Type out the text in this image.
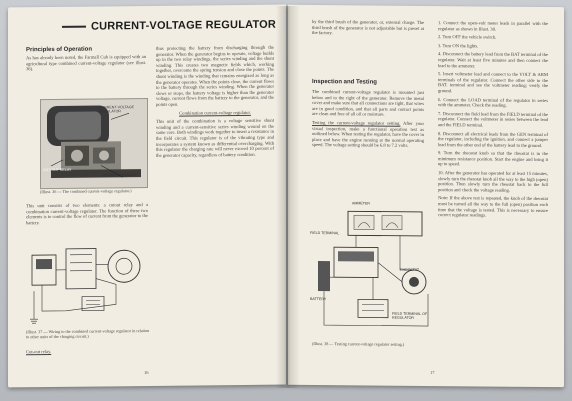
CURRENT-VOLTAGE REGULATOR
Principles of Operation

As has already been noted, the Farmall Cub is equipped with an agricultural type combined current-voltage regulator (see illust. 36).

CURRENT-VOLTAGE REGULATOR
CUT OUT RELAY
BOBBIN WINDINGS
(Illust. 36 — The combined current-voltage regulator.)

This unit consists of two elements: a cutout relay and a combination current-voltage regulator. The function of these two elements is to control the flow of current from the generator to the battery.

(Illust. 37 — Wiring to the combined current-voltage regulator in relation to other units of the charging circuit.)

Cut-out relay.

thus protecting the battery from discharging through the generator. When the generator begins to operate, voltage builds up in the two relay windings, the series winding and the shunt winding. This creates two magnetic fields which, working together, overcome the spring tension and close the points. The shunt winding is the winding that remains energized as long as the generator operates. When the points close, the current flows to the battery through the series winding. When the generator slows or stops, the battery voltage is higher than the generator voltage, current flows from the battery to the generator, and the points open.

Combination current-voltage regulator.

This unit of the combination is a voltage sensitive shunt winding and a current-sensitive series winding wound on the same core. Both windings work together to insert a resistance in the field circuit. This regulator is of the vibrating type and incorporates a system known as differential overcharging. With this regulator the charging rate will never exceed 10 percent of the generator capacity, regardless of battery condition.

16

by the third brush of the generator, or, external charge. The third brush of the generator is not adjustable but is preset at the factory.

Inspection and Testing

The combined current-voltage regulator is mounted just below and to the right of the generator. Remove the metal cover and make sure that all connections are tight, that wires are in good condition, and that all parts and contact points are clean and free of all oil or moisture.

Testing the current-voltage regulator setting. After your visual inspection, make a functional operation test as outlined below. When testing the regulator, have the cover in place and have the engine running at the normal operating speed. The voltage setting should be 6.8 to 7.2 volts.

AMMETER
FIELD TERMINAL
RHEOSTAT
BATTERY
FIELD TERMINAL OF REGULATOR
(Illust. 38 — Testing current-voltage regulator setting.)

1. Connect the open-volt meter leads in parallel with the regulator as shown in Illust. 38.

2. Turn OFF the vehicle switch.

3. Turn ON the lights.

4. Disconnect the battery lead from the BAT terminal of the regulator. Wait at least five minutes and then connect the lead to the ammeter.

5. Insert voltmeter lead and connect to the VOLT & ARM terminals of the regulator. Connect the other side to the BAT. terminal and see the voltmeter reading; verify the ground.

6. Connect the LOAD terminal of the regulator in series with the ammeter. Check the reading.

7. Disconnect the field lead from the FIELD terminal of the regulator. Connect the voltmeter in series between the lead and the FIELD terminal.

8. Disconnect all electrical leads from the GEN terminal of the regulator, including the ignition, and connect a jumper lead from the other end of the battery lead to the ground.

9. Turn the rheostat knob so that the rheostat is in the minimum resistance position. Start the engine and bring it up to speed.

10. After the generator has operated for at least 15 minutes, slowly turn the rheostat knob all the way to the high (open) position. Then slowly turn the rheostat back to the full position and check the voltage reading.

Note: If the above test is repeated, the knob of the rheostat must be turned all the way to the full (open) position each time that the voltage is tested. This is necessary to ensure correct regulator readings.

17
